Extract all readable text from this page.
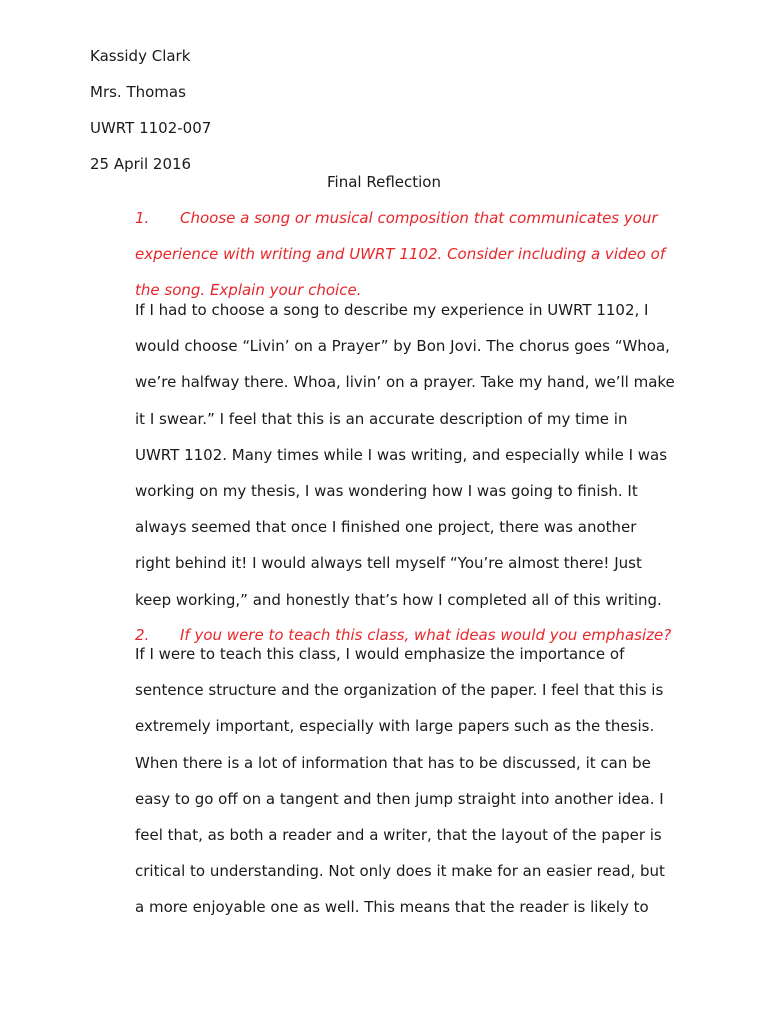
Kassidy Clark
Mrs. Thomas
UWRT 1102-007
25 April 2016
Final Reflection
1. Choose a song or musical composition that communicates your
experience with writing and UWRT 1102. Consider including a video of
the song. Explain your choice.
If I had to choose a song to describe my experience in UWRT 1102, I
would choose “Livin’ on a Prayer” by Bon Jovi. The chorus goes “Whoa,
we’re halfway there. Whoa, livin’ on a prayer. Take my hand, we’ll make
it I swear.” I feel that this is an accurate description of my time in
UWRT 1102. Many times while I was writing, and especially while I was
working on my thesis, I was wondering how I was going to finish. It
always seemed that once I finished one project, there was another
right behind it! I would always tell myself “You’re almost there! Just
keep working,” and honestly that’s how I completed all of this writing.
2. If you were to teach this class, what ideas would you emphasize?
If I were to teach this class, I would emphasize the importance of
sentence structure and the organization of the paper. I feel that this is
extremely important, especially with large papers such as the thesis.
When there is a lot of information that has to be discussed, it can be
easy to go off on a tangent and then jump straight into another idea. I
feel that, as both a reader and a writer, that the layout of the paper is
critical to understanding. Not only does it make for an easier read, but
a more enjoyable one as well. This means that the reader is likely to
